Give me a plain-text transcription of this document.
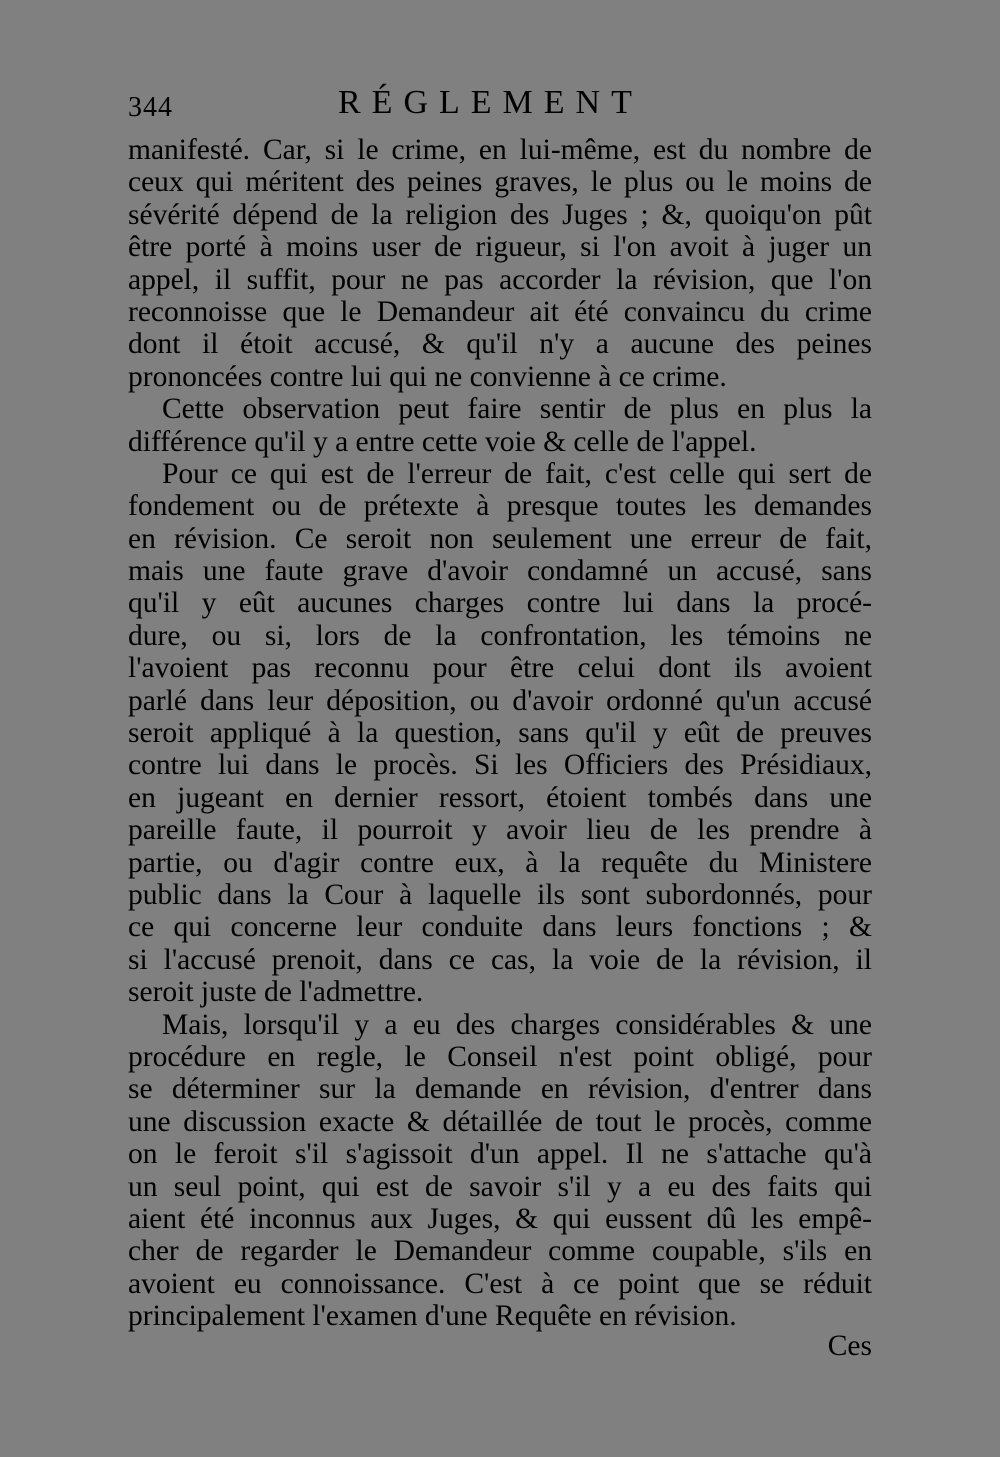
344	RÉGLEMENT
manifesté. Car, si le crime, en lui-même, est du nombre de
ceux qui méritent des peines graves, le plus ou le moins de
sévérité dépend de la religion des Juges ; &, quoiqu'on pût
être porté à moins user de rigueur, si l'on avoit à juger un
appel, il suffit, pour ne pas accorder la révision, que l'on
reconnoisse que le Demandeur ait été convaincu du crime
dont il étoit accusé, & qu'il n'y a aucune des peines
prononcées contre lui qui ne convienne à ce crime.
Cette observation peut faire sentir de plus en plus la
différence qu'il y a entre cette voie & celle de l'appel.
Pour ce qui est de l'erreur de fait, c'est celle qui sert de
fondement ou de prétexte à presque toutes les demandes
en révision. Ce seroit non seulement une erreur de fait,
mais une faute grave d'avoir condamné un accusé, sans
qu'il y eût aucunes charges contre lui dans la procé-
dure, ou si, lors de la confrontation, les témoins ne
l'avoient pas reconnu pour être celui dont ils avoient
parlé dans leur déposition, ou d'avoir ordonné qu'un accusé
seroit appliqué à la question, sans qu'il y eût de preuves
contre lui dans le procès. Si les Officiers des Présidiaux,
en jugeant en dernier ressort, étoient tombés dans une
pareille faute, il pourroit y avoir lieu de les prendre à
partie, ou d'agir contre eux, à la requête du Ministere
public dans la Cour à laquelle ils sont subordonnés, pour
ce qui concerne leur conduite dans leurs fonctions ; &
si l'accusé prenoit, dans ce cas, la voie de la révision, il
seroit juste de l'admettre.
Mais, lorsqu'il y a eu des charges considérables & une
procédure en regle, le Conseil n'est point obligé, pour
se déterminer sur la demande en révision, d'entrer dans
une discussion exacte & détaillée de tout le procès, comme
on le feroit s'il s'agissoit d'un appel. Il ne s'attache qu'à
un seul point, qui est de savoir s'il y a eu des faits qui
aient été inconnus aux Juges, & qui eussent dû les empê-
cher de regarder le Demandeur comme coupable, s'ils en
avoient eu connoissance. C'est à ce point que se réduit
principalement l'examen d'une Requête en révision.
Ces
